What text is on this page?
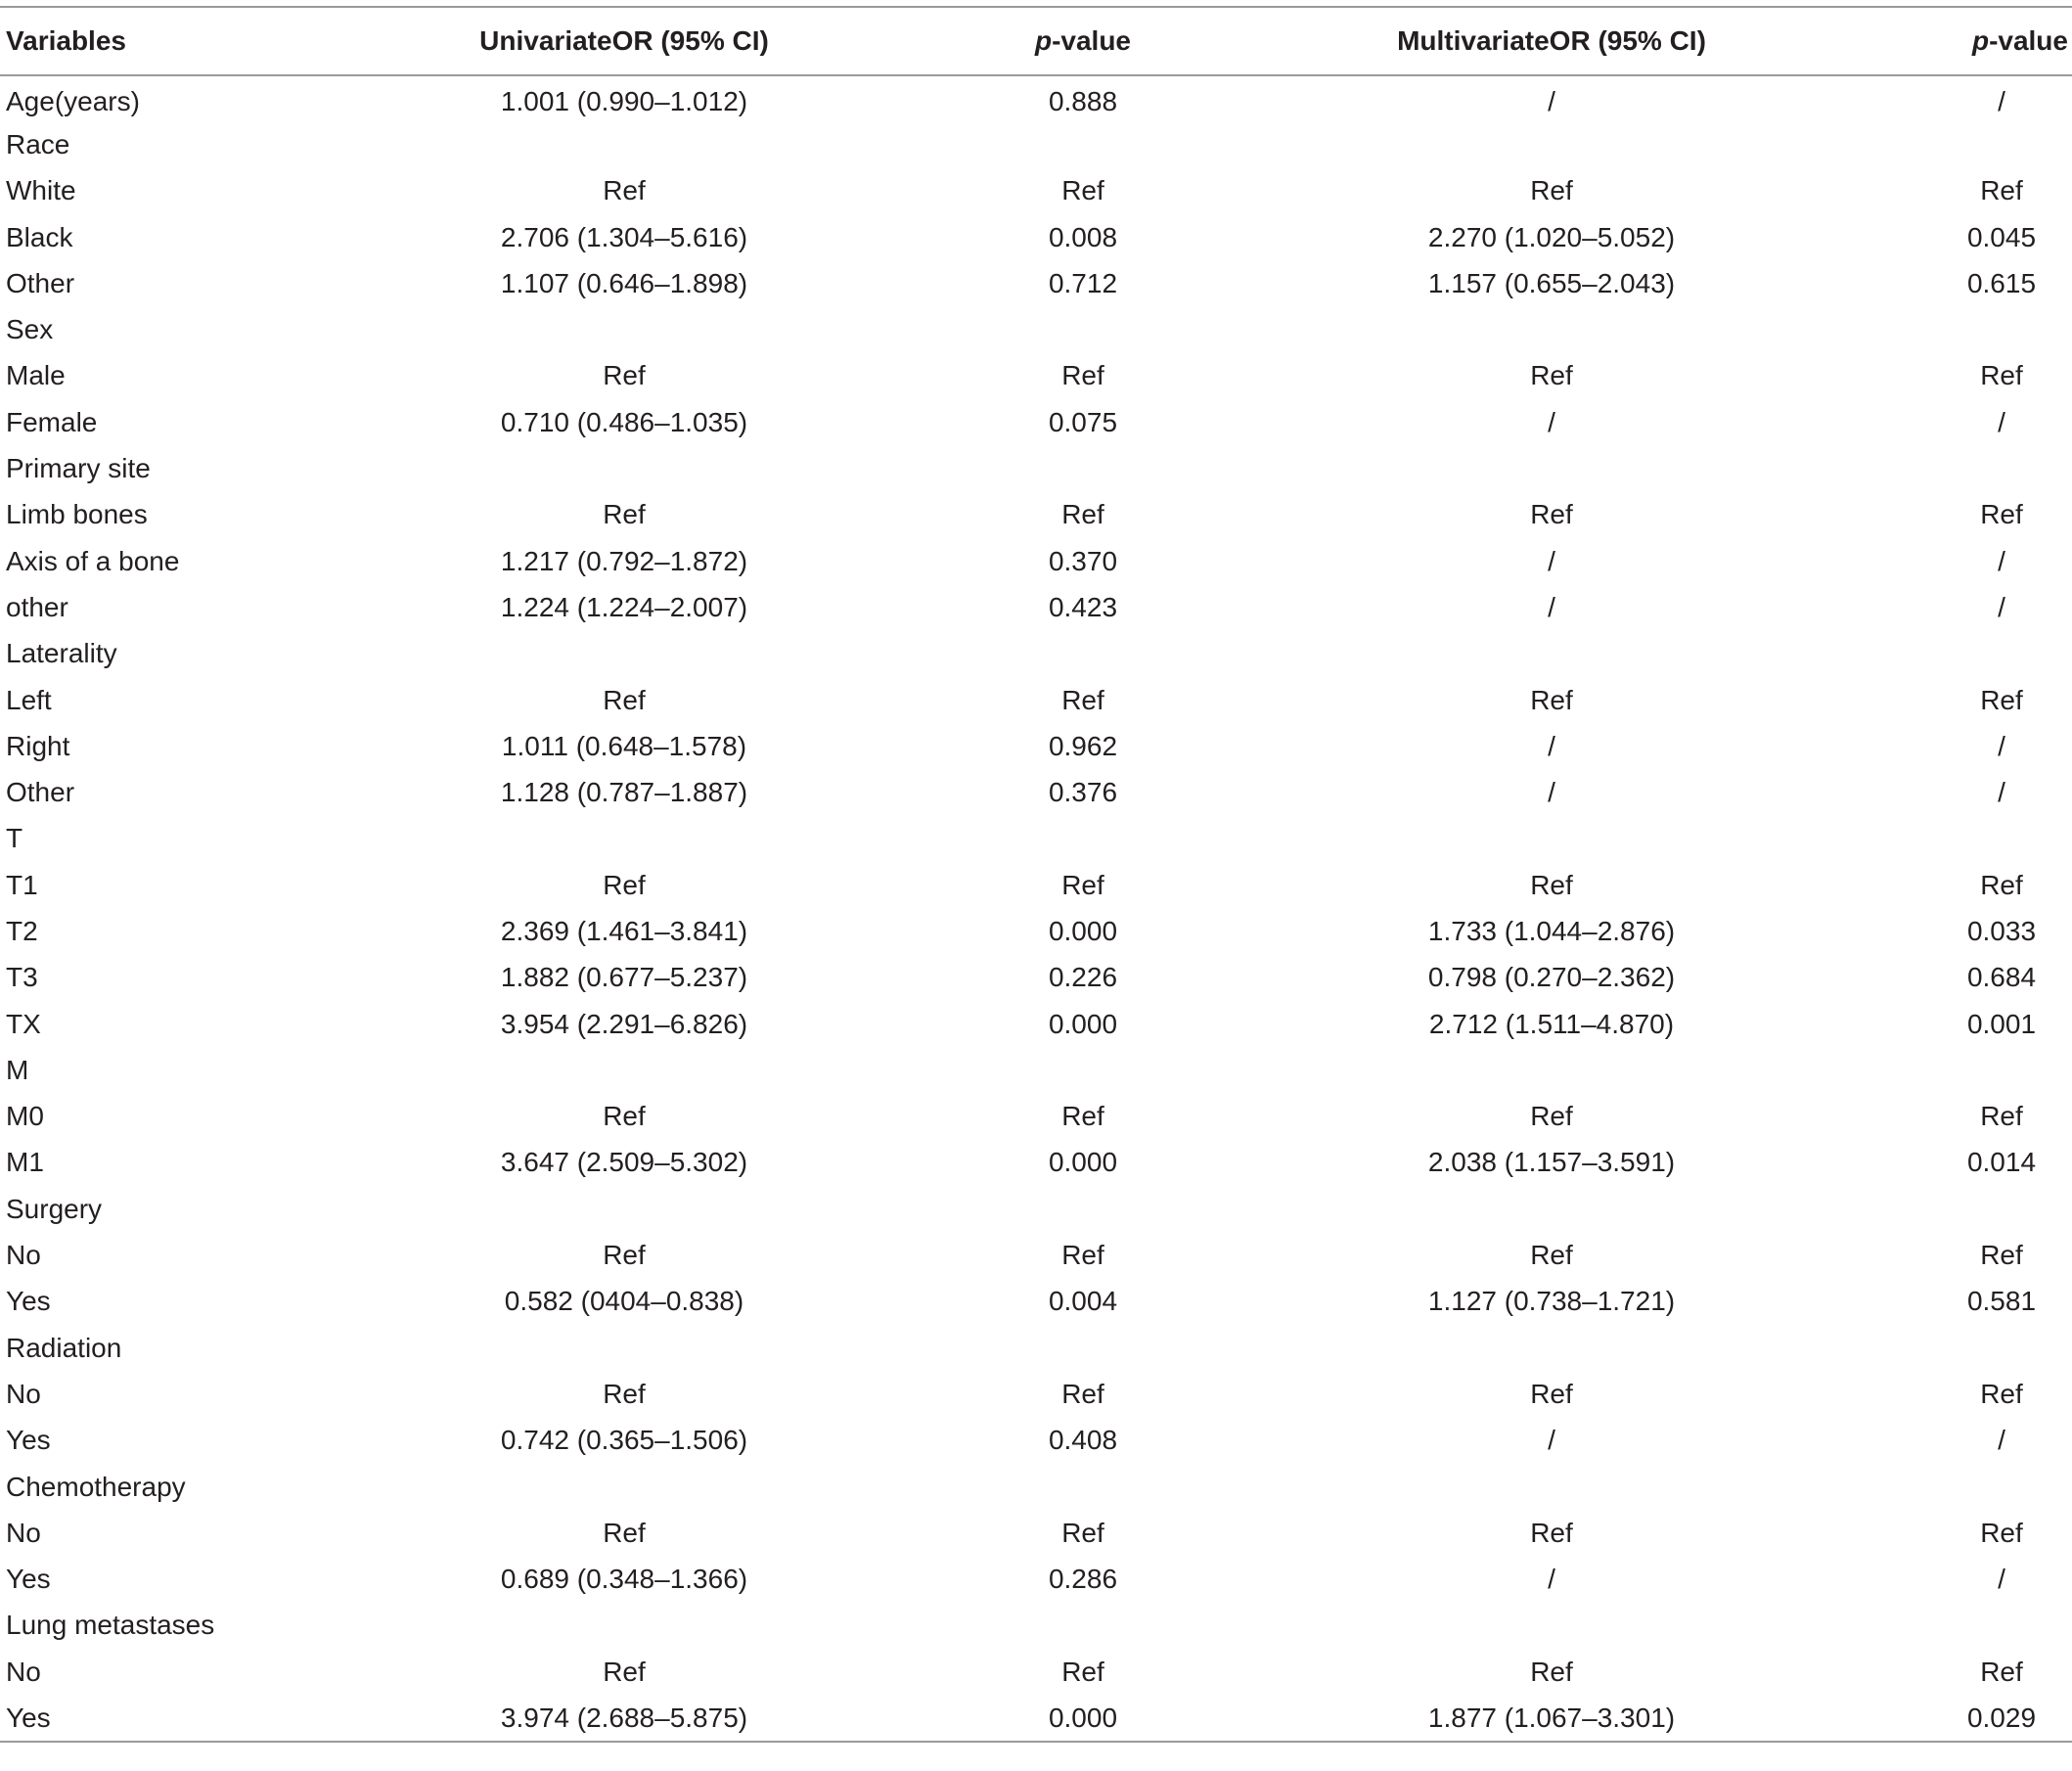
Variables	UnivariateOR (95% CI)	p-value	MultivariateOR (95% CI)	p-value
Age(years)	1.001 (0.990–1.012)	0.888	/	/
Race				
White	Ref	Ref	Ref	Ref
Black	2.706 (1.304–5.616)	0.008	2.270 (1.020–5.052)	0.045
Other	1.107 (0.646–1.898)	0.712	1.157 (0.655–2.043)	0.615
Sex				
Male	Ref	Ref	Ref	Ref
Female	0.710 (0.486–1.035)	0.075	/	/
Primary site				
Limb bones	Ref	Ref	Ref	Ref
Axis of a bone	1.217 (0.792–1.872)	0.370	/	/
other	1.224 (1.224–2.007)	0.423	/	/
Laterality				
Left	Ref	Ref	Ref	Ref
Right	1.011 (0.648–1.578)	0.962	/	/
Other	1.128 (0.787–1.887)	0.376	/	/
T				
T1	Ref	Ref	Ref	Ref
T2	2.369 (1.461–3.841)	0.000	1.733 (1.044–2.876)	0.033
T3	1.882 (0.677–5.237)	0.226	0.798 (0.270–2.362)	0.684
TX	3.954 (2.291–6.826)	0.000	2.712 (1.511–4.870)	0.001
M				
M0	Ref	Ref	Ref	Ref
M1	3.647 (2.509–5.302)	0.000	2.038 (1.157–3.591)	0.014
Surgery				
No	Ref	Ref	Ref	Ref
Yes	0.582 (0404–0.838)	0.004	1.127 (0.738–1.721)	0.581
Radiation				
No	Ref	Ref	Ref	Ref
Yes	0.742 (0.365–1.506)	0.408	/	/
Chemotherapy				
No	Ref	Ref	Ref	Ref
Yes	0.689 (0.348–1.366)	0.286	/	/
Lung metastases				
No	Ref	Ref	Ref	Ref
Yes	3.974 (2.688–5.875)	0.000	1.877 (1.067–3.301)	0.029
